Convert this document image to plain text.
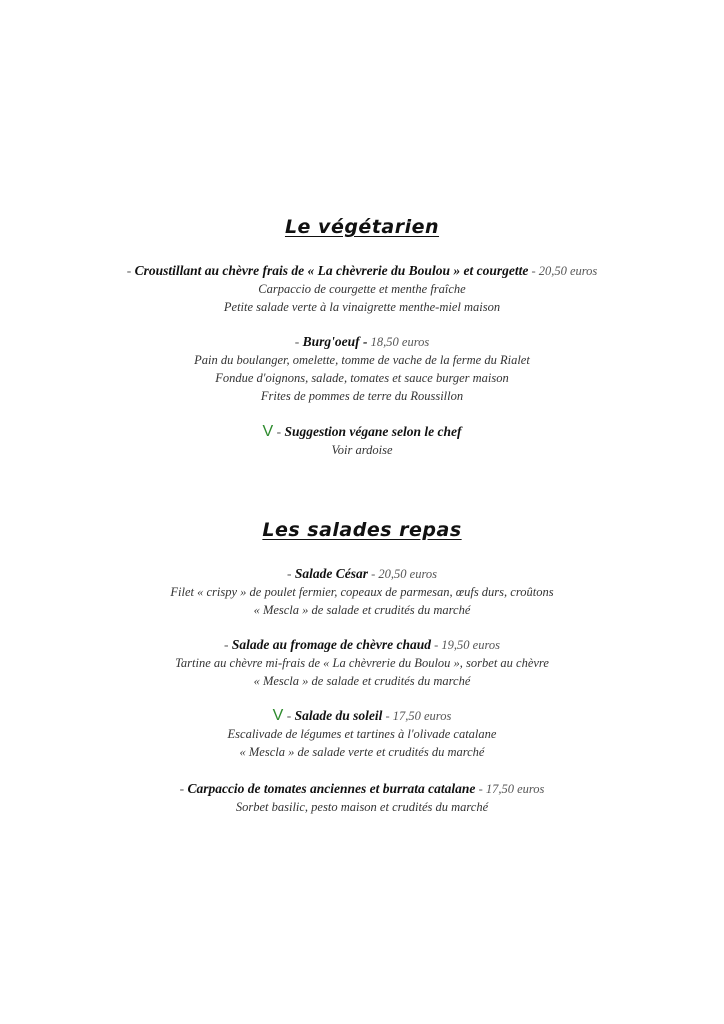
Le végétarien
- Croustillant au chèvre frais de « La chèvrerie du Boulou » et courgette - 20,50 euros
Carpaccio de courgette et menthe fraîche
Petite salade verte à la vinaigrette menthe-miel maison
- Burg'oeuf - 18,50 euros
Pain du boulanger, omelette, tomme de vache de la ferme du Rialet
Fondue d'oignons, salade, tomates et sauce burger maison
Frites de pommes de terre du Roussillon
V - Suggestion végane selon le chef
Voir ardoise
Les salades repas
- Salade César - 20,50 euros
Filet « crispy » de poulet fermier, copeaux de parmesan, œufs durs, croûtons
« Mescla » de salade et crudités du marché
- Salade au fromage de chèvre chaud - 19,50 euros
Tartine au chèvre mi-frais de « La chèvrerie du Boulou », sorbet au chèvre
« Mescla » de salade et crudités du marché
V - Salade du soleil - 17,50 euros
Escalivade de légumes et tartines à l'olivade catalane
« Mescla » de salade verte et crudités du marché
- Carpaccio de tomates anciennes et burrata catalane - 17,50 euros
Sorbet basilic, pesto maison et crudités du marché
